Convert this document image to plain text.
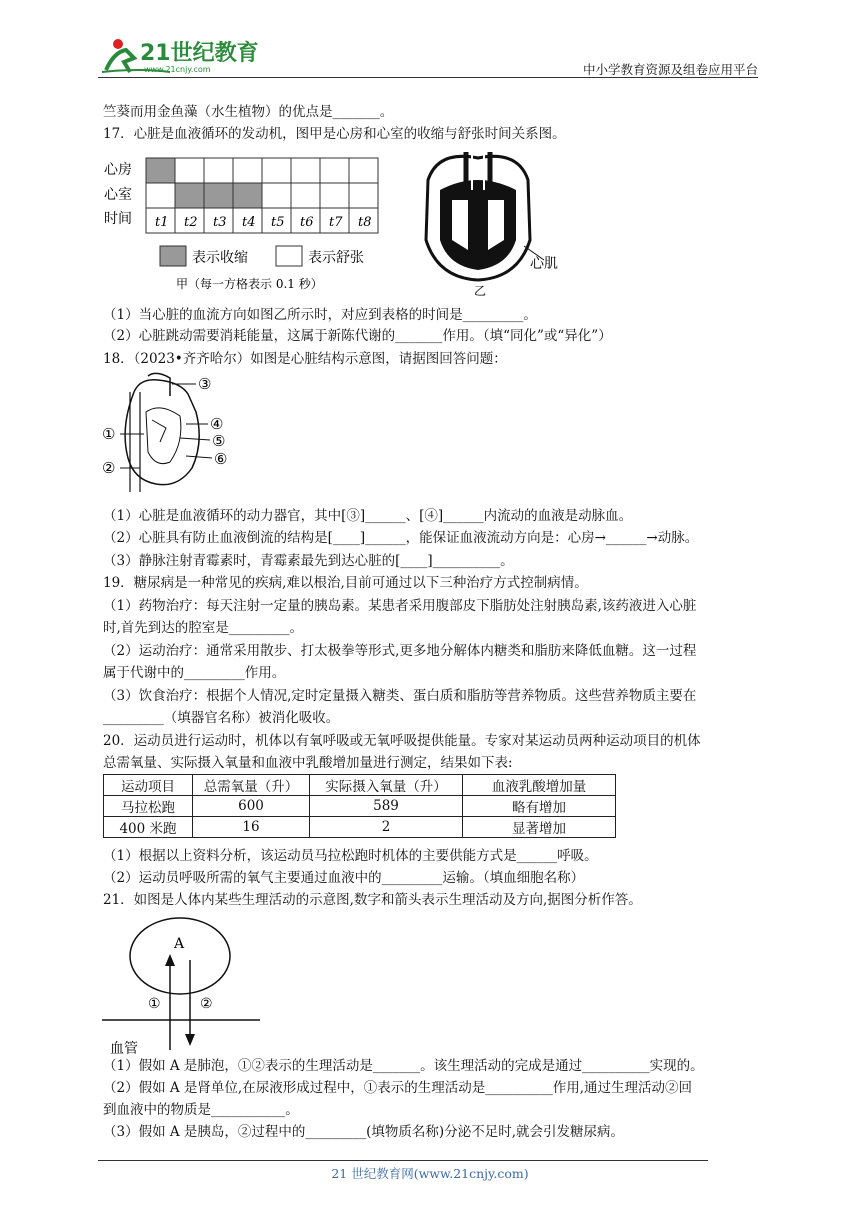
21世纪教育
www.21cnjy.com	中小学教育资源及组卷应用平台
竺葵而用金鱼藻（水生植物）的优点是_______。
17．心脏是血液循环的发动机，图甲是心房和心室的收缩与舒张时间关系图。
心房
心室
时间 t1 t2 t3 t4 t5 t6 t7 t8
表示收缩	表示舒张
甲（每一方格表示 0.1 秒）
心肌
乙
（1）当心脏的血流方向如图乙所示时，对应到表格的时间是_________。
（2）心脏跳动需要消耗能量，这属于新陈代谢的_______作用。（填“同化”或“异化”）
18．（2023•齐齐哈尔）如图是心脏结构示意图，请据图回答问题：
③
④
⑤
⑥
①
②
（1）心脏是血液循环的动力器官，其中[③]______、[④]______内流动的血液是动脉血。
（2）心脏具有防止血液倒流的结构是[____]______，能保证血液流动方向是：心房→______→动脉。
（3）静脉注射青霉素时，青霉素最先到达心脏的[____]__________。
19．糖尿病是一种常见的疾病,难以根治,目前可通过以下三种治疗方式控制病情。
（1）药物治疗：每天注射一定量的胰岛素。某患者采用腹部皮下脂肪处注射胰岛素,该药液进入心脏
时,首先到达的腔室是_________。
（2）运动治疗：通常采用散步、打太极拳等形式,更多地分解体内糖类和脂肪来降低血糖。这一过程
属于代谢中的_________作用。
（3）饮食治疗：根据个人情况,定时定量摄入糖类、蛋白质和脂肪等营养物质。这些营养物质主要在
_________（填器官名称）被消化吸收。
20．运动员进行运动时，机体以有氧呼吸或无氧呼吸提供能量。专家对某运动员两种运动项目的机体
总需氧量、实际摄入氧量和血液中乳酸增加量进行测定，结果如下表:
运动项目	总需氧量（升）	实际摄入氧量（升）	血液乳酸增加量
马拉松跑	600	589	略有增加
400 米跑	16	2	显著增加
（1）根据以上资料分析，该运动员马拉松跑时机体的主要供能方式是______呼吸。
（2）运动员呼吸所需的氧气主要通过血液中的_________运输。（填血细胞名称）
21．如图是人体内某些生理活动的示意图,数字和箭头表示生理活动及方向,据图分析作答。
A
①	②
血管
（1）假如 A 是肺泡，①②表示的生理活动是_______。该生理活动的完成是通过__________实现的。
（2）假如 A 是肾单位,在尿液形成过程中，①表示的生理活动是__________作用,通过生理活动②回
到血液中的物质是___________。
（3）假如 A 是胰岛，②过程中的_________(填物质名称)分泌不足时,就会引发糖尿病。
21 世纪教育网(www.21cnjy.com)
